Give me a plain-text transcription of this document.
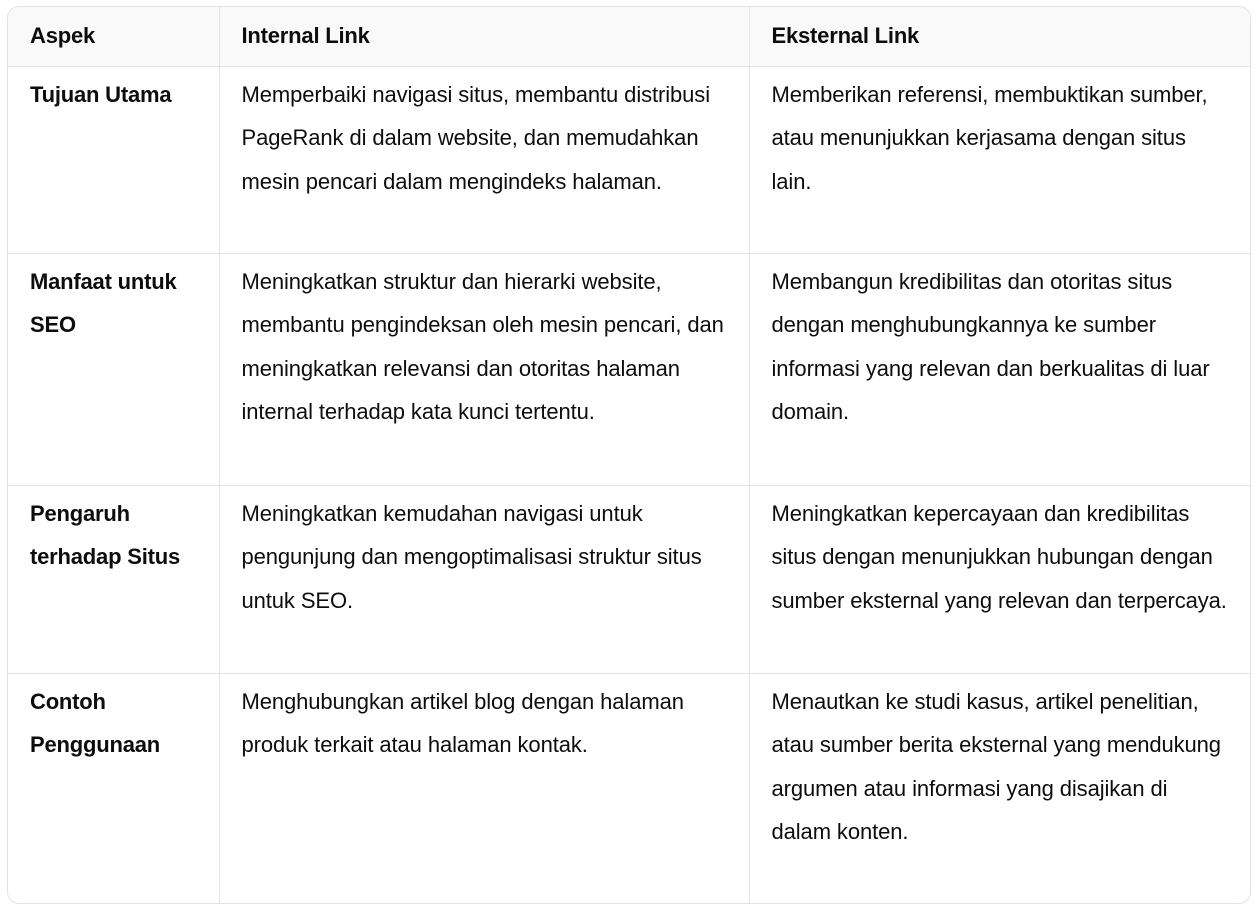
Aspek	Internal Link	Eksternal Link
Tujuan Utama	Memperbaiki navigasi situs, membantu distribusi PageRank di dalam website, dan memudahkan mesin pencari dalam mengindeks halaman.	Memberikan referensi, membuktikan sumber, atau menunjukkan kerjasama dengan situs lain.
Manfaat untuk SEO	Meningkatkan struktur dan hierarki website, membantu pengindeksan oleh mesin pencari, dan meningkatkan relevansi dan otoritas halaman internal terhadap kata kunci tertentu.	Membangun kredibilitas dan otoritas situs dengan menghubungkannya ke sumber informasi yang relevan dan berkualitas di luar domain.
Pengaruh terhadap Situs	Meningkatkan kemudahan navigasi untuk pengunjung dan mengoptimalisasi struktur situs untuk SEO.	Meningkatkan kepercayaan dan kredibilitas situs dengan menunjukkan hubungan dengan sumber eksternal yang relevan dan terpercaya.
Contoh Penggunaan	Menghubungkan artikel blog dengan halaman produk terkait atau halaman kontak.	Menautkan ke studi kasus, artikel penelitian, atau sumber berita eksternal yang mendukung argumen atau informasi yang disajikan di dalam konten.
